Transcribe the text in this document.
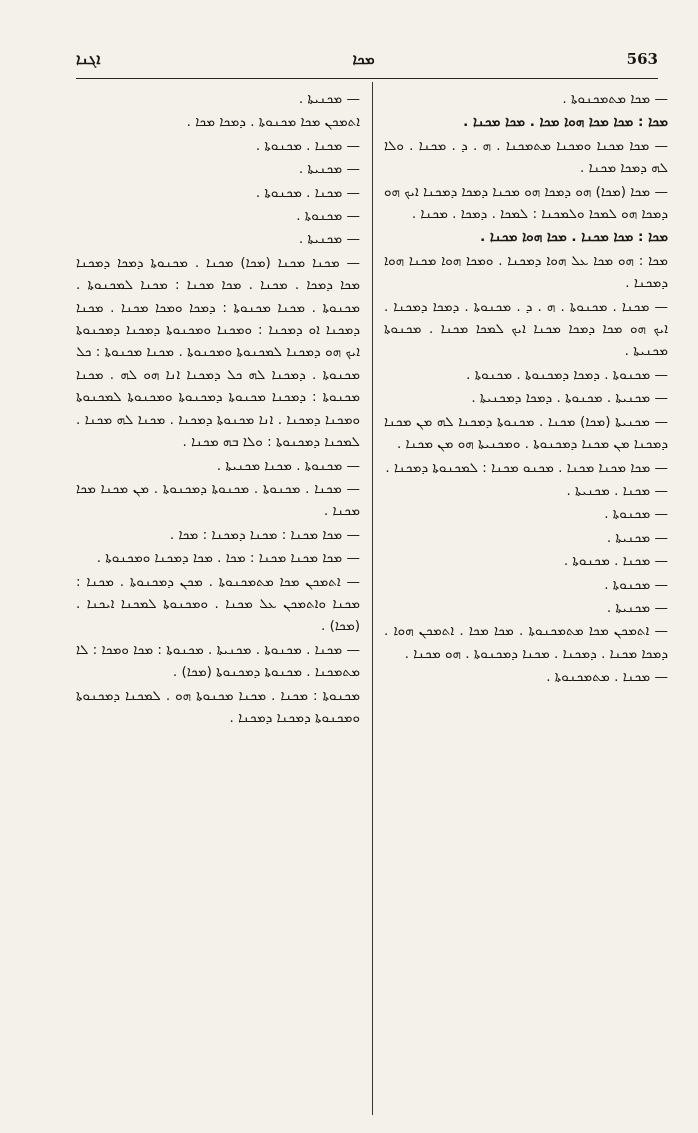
ܐܓܢܐ	ܡܟܐ	563
— ܡܟܢܝܬܐ .
ܐܬܡܟܢ ܡܟܐ ܡܟܢܘܬܐ . ܕܡܟܐ ܡܟܐ .
— ܡܟܢܐ . ܡܟܢܘܬܐ .
— ܡܟܢܝܬܐ .
— ܡܟܢܐ . ܡܟܢܘܬܐ .
— ܡܟܢܘܬܐ .
— ܡܟܢܝܬܐ .
— ܡܟܢܐ ܡܟܢܐ (ܡܟܐ) ܡܟܢܐ . ܡܟܢܘܬܐ ܕܡܟܐ ܕܡܟܢܐ ܡܟܐ ܕܡܟܐ . ܡܟܢܐ . ܡܟܐ ܡܟܢܐ : ܡܟܢܐ ܠܡܟܢܘܬܐ . ܡܟܢܘܬܐ . ܡܟܢܐ ܡܟܢܘܬܐ : ܕܡܟܐ ܘܡܟܐ ܡܟܢܐ . ܡܟܢܐ ܕܡܟܢܐ ܐܘ ܕܡܟܢܐ : ܘܡܟܢܐ ܘܡܟܢܘܬܐ ܕܡܟܢܐ ܕܡܟܢܘܬܐ ܐܝܟ ܗܘ ܕܡܟܢܐ ܠܡܟܢܘܬܐ ܘܡܟܢܘܬܐ . ܡܟܢܐ ܡܟܢܘܬܐ : ܟܠ ܡܟܢܘܬܐ . ܕܡܟܢܐ ܠܗ ܟܠ ܕܡܟܢܐ ܐܢܐ ܗܘ ܠܗ . ܡܟܢܐ ܡܟܢܘܬܐ : ܕܡܟܢܐ ܡܟܢܘܬܐ ܕܡܟܢܘܬܐ ܘܡܟܢܘܬܐ ܠܡܟܢܘܬܐ ܘܡܟܢܐ ܕܡܟܢܐ . ܐܢܐ ܡܟܢܘܬܐ ܕܡܟܢܐ . ܡܟܢܐ ܠܗ ܡܟܢܐ . ܠܡܟܢܐ ܕܡܟܢܘܬܐ : ܘܠܐ ܒܗ ܡܟܢܐ .
— ܡܟܢܘܬܐ . ܡܟܢܐ ܡܟܢܝܬܐ .
— ܡܟܢܐ . ܡܟܢܘܬܐ . ܡܟܢܘܬܐ ܕܡܟܢܘܬܐ . ܡܢ ܡܟܢܐ ܡܟܐ ܡܟܢܐ .
— ܡܟܐ ܡܟܢܐ : ܡܟܢܐ ܕܡܟܢܐ : ܡܟܐ .
— ܡܟܐ ܡܟܢܐ ܡܟܢܐ : ܡܟܐ . ܡܟܐ ܕܡܟܢܐ ܘܡܟܢܘܬܐ .
— ܐܬܡܟܢ ܡܟܐ ܡܬܡܟܢܘܬܐ . ܡܟܢ ܕܡܟܢܘܬܐ . ܡܟܢܐ : ܡܟܢܐ ܘܐܬܡܟܢ ܥܠ ܡܟܢܐ . ܘܡܟܢܘܬܐ ܠܡܟܢܐ ܐܝܟܢܐ . (ܡܟܐ) .
— ܡܟܢܐ . ܡܟܢܘܬܐ . ܡܟܢܝܬܐ . ܡܟܢܘܬܐ : ܡܟܐ ܘܡܟܐ : ܠܐ ܡܬܡܟܢܐ . ܡܟܢܘܬܐ ܕܡܟܢܘܬܐ (ܡܟܐ) .
ܡܟܢܘܬܐ : ܡܟܢܐ . ܡܟܢܐ ܡܟܢܘܬܐ ܗܘ . ܠܡܟܢܐ ܕܡܟܢܘܬܐ ܘܡܟܢܘܬܐ ܕܡܟܢܐ ܕܡܟܢܐ .
— ܡܟܐ ܡܬܡܟܢܘܬܐ .
ܡܟܐ : ܡܟܐ ܡܟܐ ܗܘܐ ܡܟܐ . ܡܟܐ ܡܟܢܐ .
— ܡܟܐ ܡܟܢܐ ܘܡܟܢܐ ܡܬܡܟܢܐ . ܗ . ܕ . ܡܟܢܐ . ܘܠܐ ܠܗ ܕܡܟܐ ܡܟܢܐ .
— ܡܟܐ (ܡܟܐ) ܗܘ ܕܡܟܐ ܗܘ ܡܟܢܐ ܕܡܟܐ ܕܡܟܢܐ ܐܝܟ ܗܘ ܕܡܟܐ ܗܘ ܠܡܟܐ ܘܠܡܟܢܐ : ܠܡܟܐ . ܕܡܟܐ . ܡܟܢܐ .
ܡܟܐ : ܡܟܐ ܡܟܢܐ . ܡܟܐ ܗܘܐ ܡܟܢܐ .
ܡܟܐ : ܗܘ ܡܟܐ ܥܠ ܗܘܐ ܕܡܟܢܐ . ܘܡܟܐ ܗܘܐ ܡܟܢܐ ܗܘܐ ܕܡܟܢܐ .
— ܡܟܢܐ . ܡܟܢܘܬܐ . ܗ . ܕ . ܡܟܢܘܬܐ . ܕܡܟܐ ܕܡܟܢܐ . ܐܝܟ ܗܘ ܡܟܐ ܕܡܟܐ ܡܟܢܐ ܐܝܟ ܠܡܟܐ ܡܟܢܐ . ܡܟܢܘܬܐ ܡܟܢܝܬܐ .
— ܡܟܢܘܬܐ . ܕܡܟܐ ܕܡܟܢܘܬܐ . ܡܟܢܘܬܐ .
— ܡܟܢܝܬܐ . ܡܟܢܘܬܐ . ܕܡܟܐ ܕܡܟܢܝܬܐ .
— ܡܟܢܝܬܐ (ܡܟܐ) ܡܟܢܐ . ܡܟܢܘܬܐ ܕܡܟܢܐ ܠܗ ܡܢ ܡܟܢܐ ܕܡܟܢܐ ܡܢ ܡܟܢܐ ܕܡܟܢܘܬܐ . ܘܡܟܢܝܬܐ ܗܘ ܡܢ ܡܟܢܐ .
— ܡܟܐ ܡܟܢܐ ܡܟܢܐ . ܡܟܢܘ ܡܟܢܐ : ܠܡܟܢܘܬܐ ܕܡܟܢܐ .
— ܡܟܢܐ . ܡܟܢܝܬܐ .
— ܡܟܢܘܬܐ .
— ܡܟܢܝܬܐ .
— ܡܟܢܐ . ܡܟܢܘܬܐ .
— ܡܟܢܘܬܐ .
— ܡܟܢܝܬܐ .
— ܐܬܡܟܢ ܡܟܐ ܡܬܡܟܢܘܬܐ . ܡܟܐ ܡܟܐ . ܐܬܡܟܢ ܗܘܐ . ܕܡܟܐ ܡܟܢܐ . ܕܡܟܢܐ . ܡܟܢܐ ܕܡܟܢܘܬܐ . ܗܘ ܡܟܢܐ .
— ܡܟܢܐ . ܡܬܡܟܢܘܬܐ .
